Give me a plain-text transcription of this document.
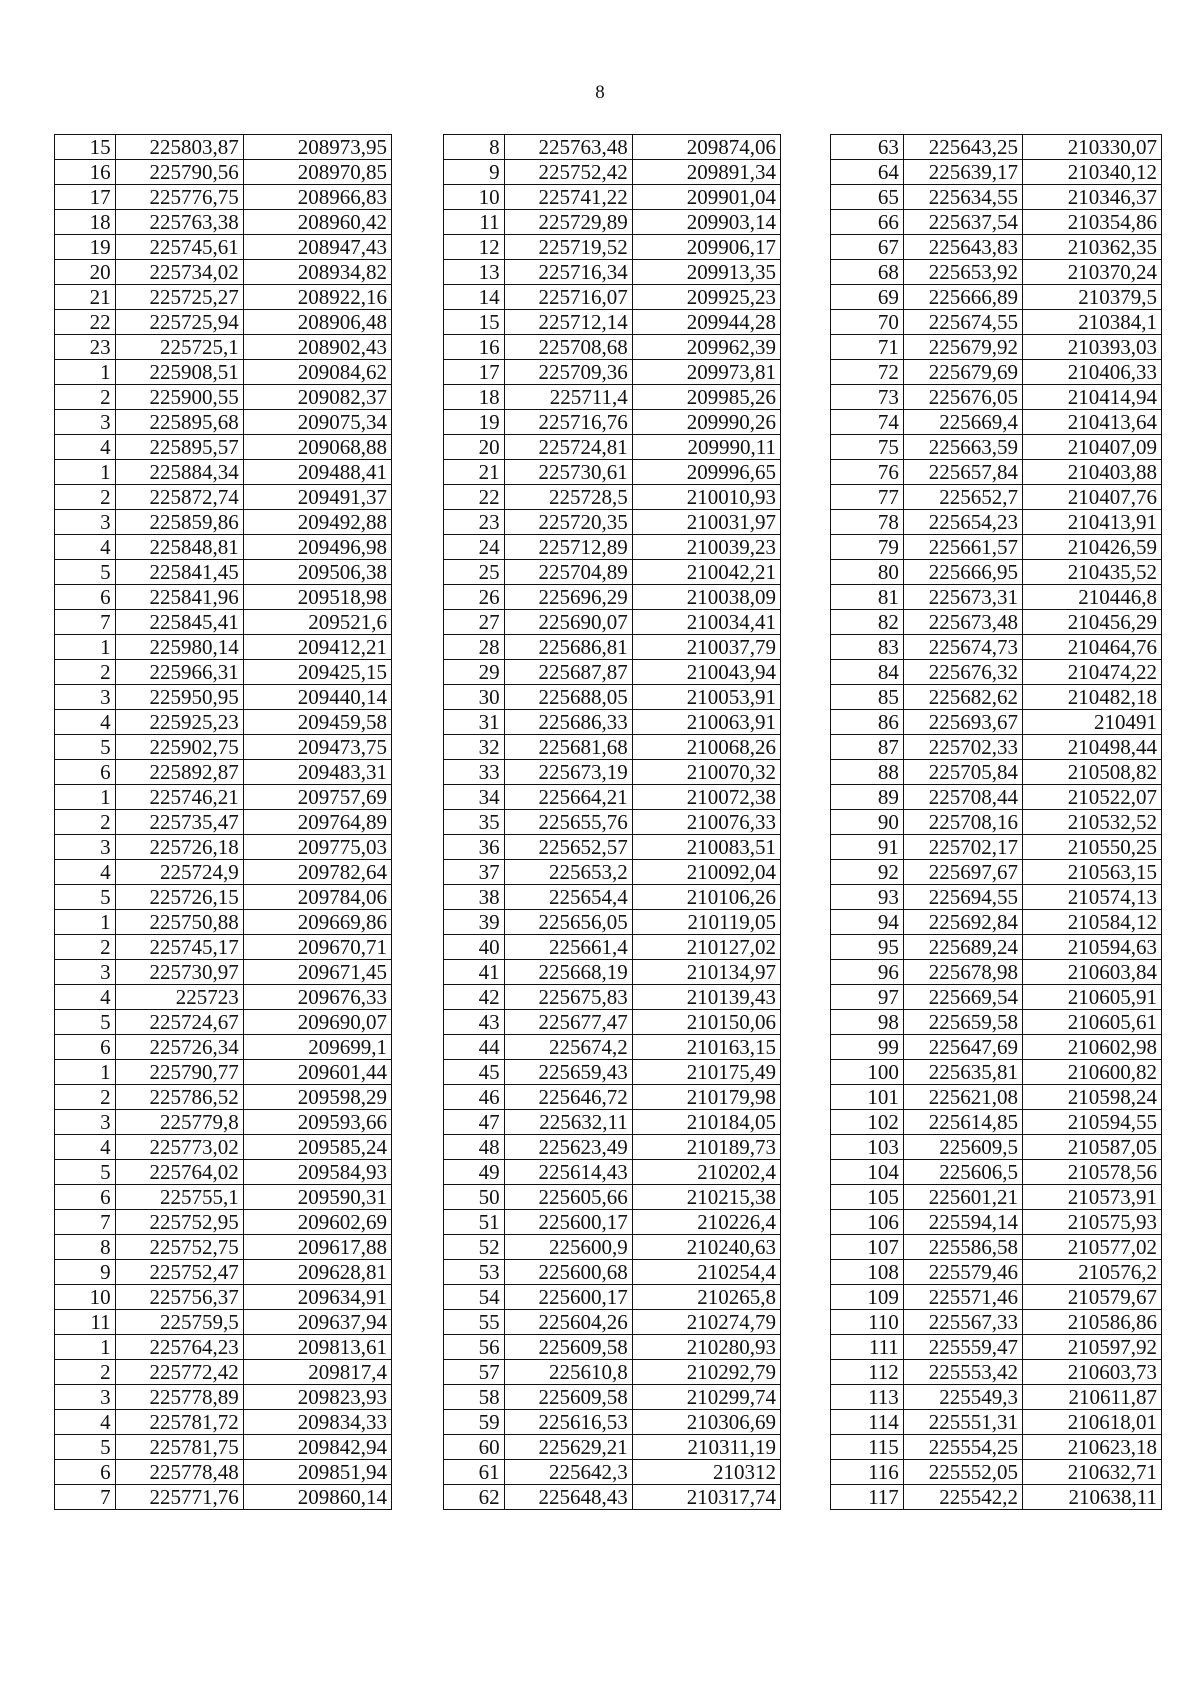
8
15	225803,87	208973,95
16	225790,56	208970,85
17	225776,75	208966,83
18	225763,38	208960,42
19	225745,61	208947,43
20	225734,02	208934,82
21	225725,27	208922,16
22	225725,94	208906,48
23	225725,1	208902,43
1	225908,51	209084,62
2	225900,55	209082,37
3	225895,68	209075,34
4	225895,57	209068,88
1	225884,34	209488,41
2	225872,74	209491,37
3	225859,86	209492,88
4	225848,81	209496,98
5	225841,45	209506,38
6	225841,96	209518,98
7	225845,41	209521,6
1	225980,14	209412,21
2	225966,31	209425,15
3	225950,95	209440,14
4	225925,23	209459,58
5	225902,75	209473,75
6	225892,87	209483,31
1	225746,21	209757,69
2	225735,47	209764,89
3	225726,18	209775,03
4	225724,9	209782,64
5	225726,15	209784,06
1	225750,88	209669,86
2	225745,17	209670,71
3	225730,97	209671,45
4	225723	209676,33
5	225724,67	209690,07
6	225726,34	209699,1
1	225790,77	209601,44
2	225786,52	209598,29
3	225779,8	209593,66
4	225773,02	209585,24
5	225764,02	209584,93
6	225755,1	209590,31
7	225752,95	209602,69
8	225752,75	209617,88
9	225752,47	209628,81
10	225756,37	209634,91
11	225759,5	209637,94
1	225764,23	209813,61
2	225772,42	209817,4
3	225778,89	209823,93
4	225781,72	209834,33
5	225781,75	209842,94
6	225778,48	209851,94
7	225771,76	209860,14
8	225763,48	209874,06
9	225752,42	209891,34
10	225741,22	209901,04
11	225729,89	209903,14
12	225719,52	209906,17
13	225716,34	209913,35
14	225716,07	209925,23
15	225712,14	209944,28
16	225708,68	209962,39
17	225709,36	209973,81
18	225711,4	209985,26
19	225716,76	209990,26
20	225724,81	209990,11
21	225730,61	209996,65
22	225728,5	210010,93
23	225720,35	210031,97
24	225712,89	210039,23
25	225704,89	210042,21
26	225696,29	210038,09
27	225690,07	210034,41
28	225686,81	210037,79
29	225687,87	210043,94
30	225688,05	210053,91
31	225686,33	210063,91
32	225681,68	210068,26
33	225673,19	210070,32
34	225664,21	210072,38
35	225655,76	210076,33
36	225652,57	210083,51
37	225653,2	210092,04
38	225654,4	210106,26
39	225656,05	210119,05
40	225661,4	210127,02
41	225668,19	210134,97
42	225675,83	210139,43
43	225677,47	210150,06
44	225674,2	210163,15
45	225659,43	210175,49
46	225646,72	210179,98
47	225632,11	210184,05
48	225623,49	210189,73
49	225614,43	210202,4
50	225605,66	210215,38
51	225600,17	210226,4
52	225600,9	210240,63
53	225600,68	210254,4
54	225600,17	210265,8
55	225604,26	210274,79
56	225609,58	210280,93
57	225610,8	210292,79
58	225609,58	210299,74
59	225616,53	210306,69
60	225629,21	210311,19
61	225642,3	210312
62	225648,43	210317,74
63	225643,25	210330,07
64	225639,17	210340,12
65	225634,55	210346,37
66	225637,54	210354,86
67	225643,83	210362,35
68	225653,92	210370,24
69	225666,89	210379,5
70	225674,55	210384,1
71	225679,92	210393,03
72	225679,69	210406,33
73	225676,05	210414,94
74	225669,4	210413,64
75	225663,59	210407,09
76	225657,84	210403,88
77	225652,7	210407,76
78	225654,23	210413,91
79	225661,57	210426,59
80	225666,95	210435,52
81	225673,31	210446,8
82	225673,48	210456,29
83	225674,73	210464,76
84	225676,32	210474,22
85	225682,62	210482,18
86	225693,67	210491
87	225702,33	210498,44
88	225705,84	210508,82
89	225708,44	210522,07
90	225708,16	210532,52
91	225702,17	210550,25
92	225697,67	210563,15
93	225694,55	210574,13
94	225692,84	210584,12
95	225689,24	210594,63
96	225678,98	210603,84
97	225669,54	210605,91
98	225659,58	210605,61
99	225647,69	210602,98
100	225635,81	210600,82
101	225621,08	210598,24
102	225614,85	210594,55
103	225609,5	210587,05
104	225606,5	210578,56
105	225601,21	210573,91
106	225594,14	210575,93
107	225586,58	210577,02
108	225579,46	210576,2
109	225571,46	210579,67
110	225567,33	210586,86
111	225559,47	210597,92
112	225553,42	210603,73
113	225549,3	210611,87
114	225551,31	210618,01
115	225554,25	210623,18
116	225552,05	210632,71
117	225542,2	210638,11
